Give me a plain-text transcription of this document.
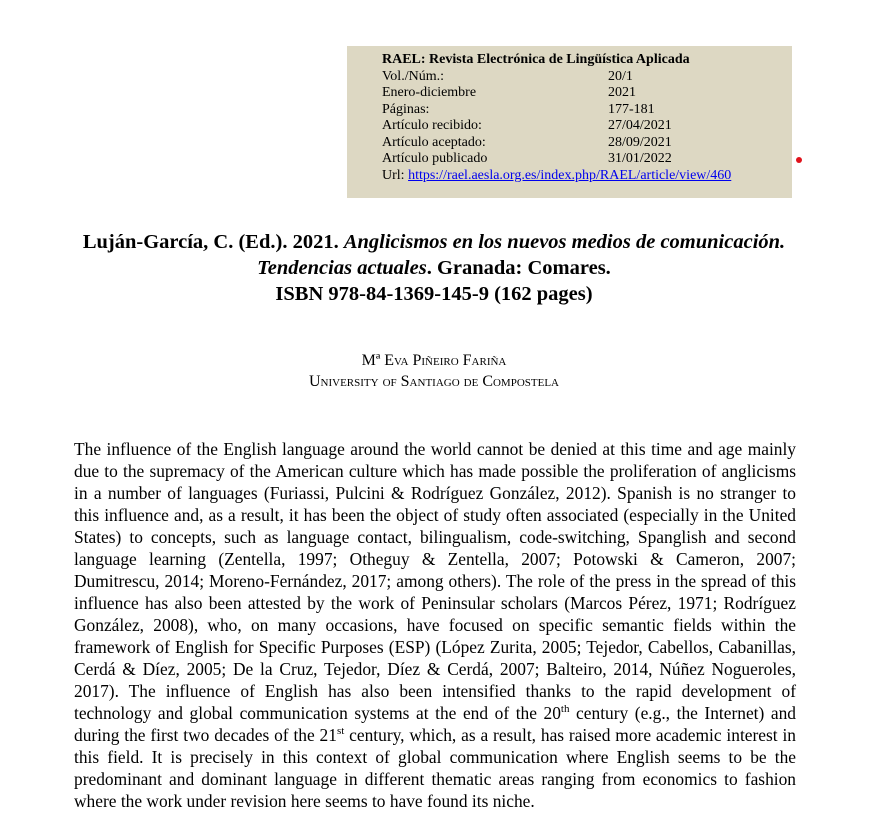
RAEL: Revista Electrónica de Lingüística Aplicada
Vol./Núm.:	20/1
Enero-diciembre	2021
Páginas:	177-181
Artículo recibido:	27/04/2021
Artículo aceptado:	28/09/2021
Artículo publicado	31/01/2022
Url: https://rael.aesla.org.es/index.php/RAEL/article/view/460
Luján-García, C. (Ed.). 2021. Anglicismos en los nuevos medios de comunicación. Tendencias actuales. Granada: Comares.
ISBN 978-84-1369-145-9 (162 pages)
Mª Eva Piñeiro Fariña
University of Santiago de Compostela
The influence of the English language around the world cannot be denied at this time and age mainly due to the supremacy of the American culture which has made possible the proliferation of anglicisms in a number of languages (Furiassi, Pulcini & Rodríguez González, 2012). Spanish is no stranger to this influence and, as a result, it has been the object of study often associated (especially in the United States) to concepts, such as language contact, bilingualism, code-switching, Spanglish and second language learning (Zentella, 1997; Otheguy & Zentella, 2007; Potowski & Cameron, 2007; Dumitrescu, 2014; Moreno-Fernández, 2017; among others). The role of the press in the spread of this influence has also been attested by the work of Peninsular scholars (Marcos Pérez, 1971; Rodríguez González, 2008), who, on many occasions, have focused on specific semantic fields within the framework of English for Specific Purposes (ESP) (López Zurita, 2005; Tejedor, Cabellos, Cabanillas, Cerdá & Díez, 2005; De la Cruz, Tejedor, Díez & Cerdá, 2007; Balteiro, 2014, Núñez Nogueroles, 2017). The influence of English has also been intensified thanks to the rapid development of technology and global communication systems at the end of the 20th century (e.g., the Internet) and during the first two decades of the 21st century, which, as a result, has raised more academic interest in this field. It is precisely in this context of global communication where English seems to be the predominant and dominant language in different thematic areas ranging from economics to fashion where the work under revision here seems to have found its niche.
